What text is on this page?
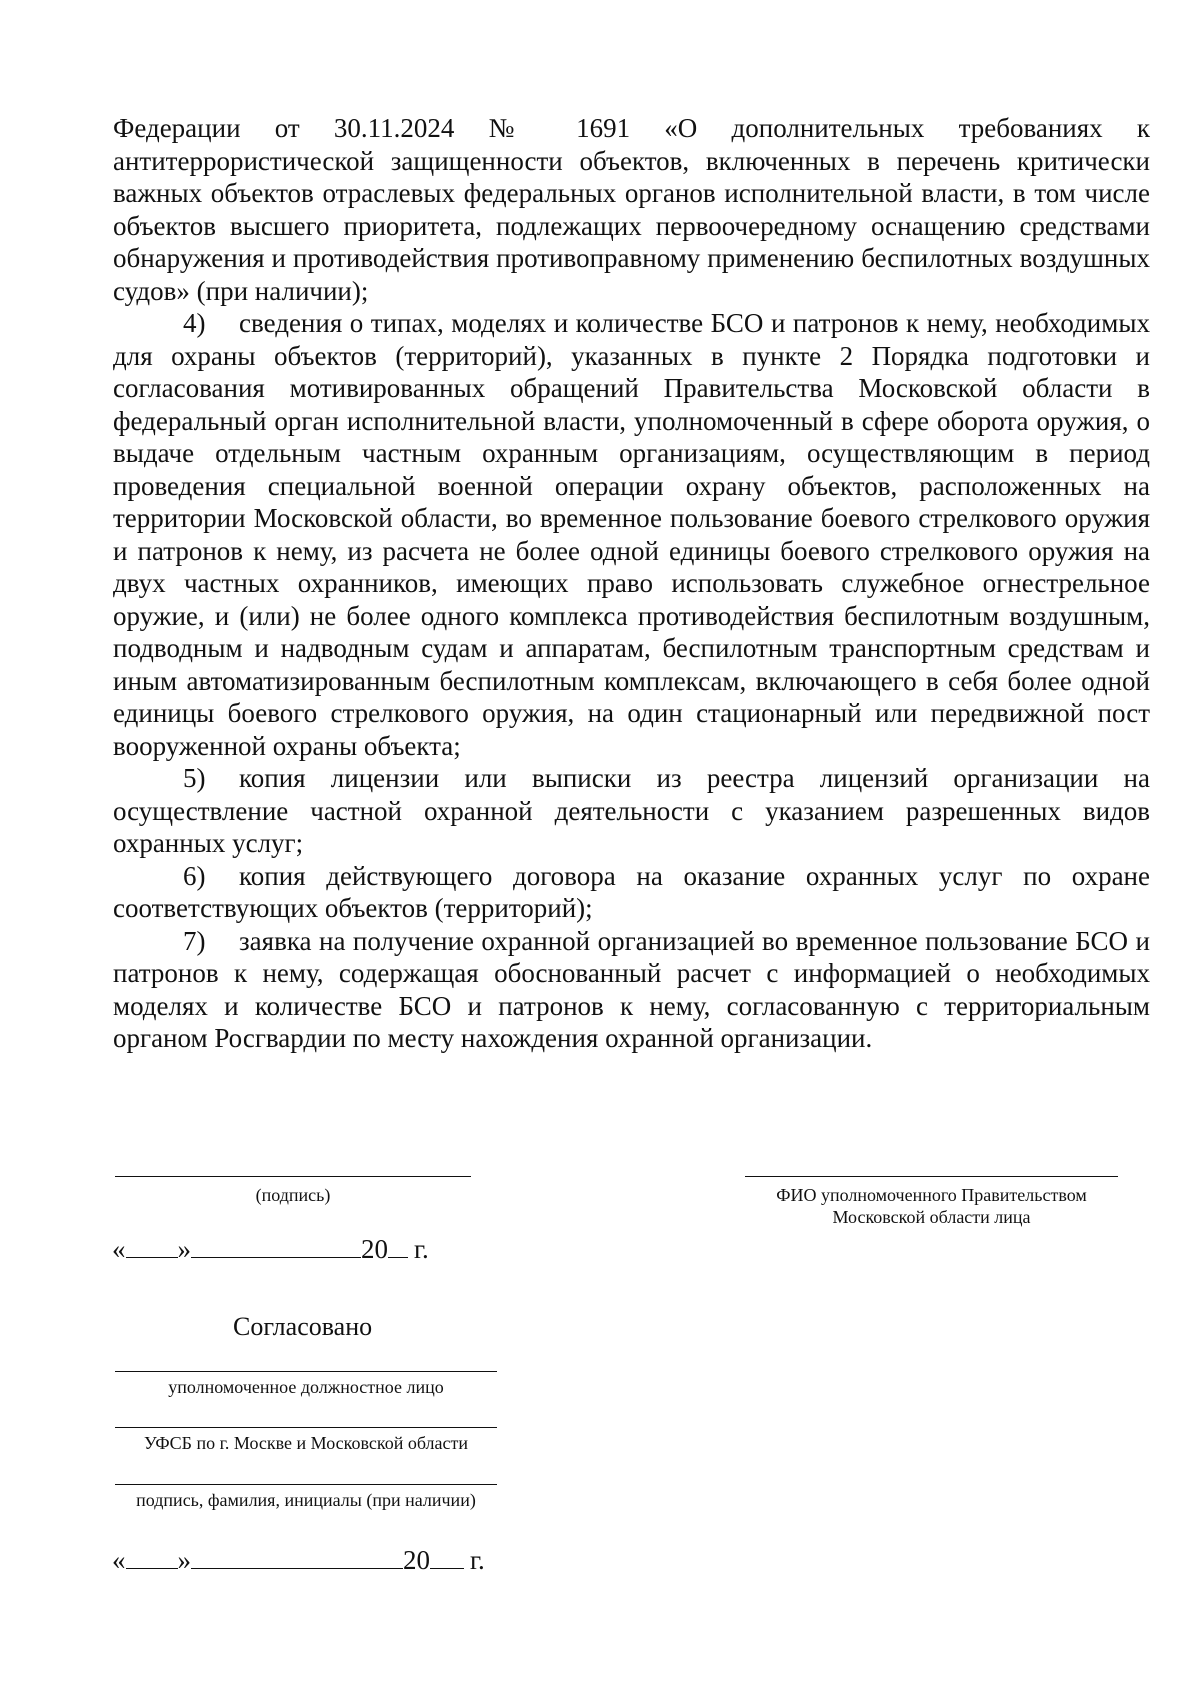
Федерации от 30.11.2024 № 1691 «О дополнительных требованиях к антитеррористической защищенности объектов, включенных в перечень критически важных объектов отраслевых федеральных органов исполнительной власти, в том числе объектов высшего приоритета, подлежащих первоочередному оснащению средствами обнаружения и противодействия противоправному применению беспилотных воздушных судов» (при наличии);

4) сведения о типах, моделях и количестве БСО и патронов к нему, необходимых для охраны объектов (территорий), указанных в пункте 2 Порядка подготовки и согласования мотивированных обращений Правительства Московской области в федеральный орган исполнительной власти, уполномоченный в сфере оборота оружия, о выдаче отдельным частным охранным организациям, осуществляющим в период проведения специальной военной операции охрану объектов, расположенных на территории Московской области, во временное пользование боевого стрелкового оружия и патронов к нему, из расчета не более одной единицы боевого стрелкового оружия на двух частных охранников, имеющих право использовать служебное огнестрельное оружие, и (или) не более одного комплекса противодействия беспилотным воздушным, подводным и надводным судам и аппаратам, беспилотным транспортным средствам и иным автоматизированным беспилотным комплексам, включающего в себя более одной единицы боевого стрелкового оружия, на один стационарный или передвижной пост вооруженной охраны объекта;

5) копия лицензии или выписки из реестра лицензий организации на осуществление частной охранной деятельности с указанием разрешенных видов охранных услуг;

6) копия действующего договора на оказание охранных услуг по охране соответствующих объектов (территорий);

7) заявка на получение охранной организацией во временное пользование БСО и патронов к нему, содержащая обоснованный расчет с информацией о необходимых моделях и количестве БСО и патронов к нему, согласованную с территориальным органом Росгвардии по месту нахождения охранной организации.

(подпись)
« »	20 г.
ФИО уполномоченного Правительством
Московской области лица
Согласовано
уполномоченное должностное лицо
УФСБ по г. Москве и Московской области
подпись, фамилия, инициалы (при наличии)
« »	20 г.
